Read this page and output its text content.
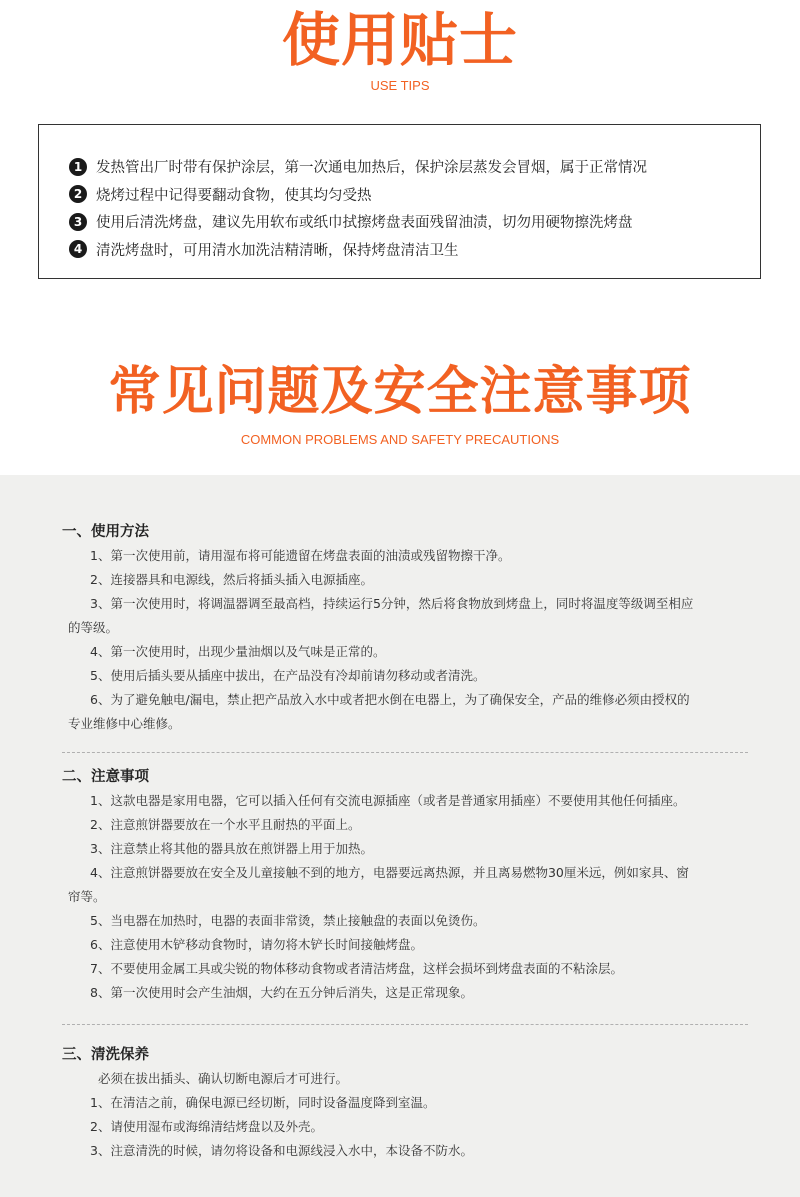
使用贴士
USE TIPS
1 发热管出厂时带有保护涂层，第一次通电加热后，保护涂层蒸发会冒烟，属于正常情况
2 烧烤过程中记得要翻动食物，使其均匀受热
3 使用后清洗烤盘，建议先用软布或纸巾拭擦烤盘表面残留油渍，切勿用硬物擦洗烤盘
4 清洗烤盘时，可用清水加洗洁精清晰，保持烤盘清洁卫生
常见问题及安全注意事项
COMMON PROBLEMS AND SAFETY PRECAUTIONS
一、使用方法
1、第一次使用前，请用湿布将可能遗留在烤盘表面的油渍或残留物擦干净。
2、连接器具和电源线，然后将插头插入电源插座。
3、第一次使用时，将调温器调至最高档，持续运行5分钟，然后将食物放到烤盘上，同时将温度等级调至相应
的等级。
4、第一次使用时，出现少量油烟以及气味是正常的。
5、使用后插头要从插座中拔出，在产品没有冷却前请勿移动或者清洗。
6、为了避免触电/漏电，禁止把产品放入水中或者把水倒在电器上，为了确保安全，产品的维修必须由授权的
专业维修中心维修。
二、注意事项
1、这款电器是家用电器，它可以插入任何有交流电源插座（或者是普通家用插座）不要使用其他任何插座。
2、注意煎饼器要放在一个水平且耐热的平面上。
3、注意禁止将其他的器具放在煎饼器上用于加热。
4、注意煎饼器要放在安全及儿童接触不到的地方，电器要远离热源，并且离易燃物30厘米远，例如家具、窗
帘等。
5、当电器在加热时，电器的表面非常烫，禁止接触盘的表面以免烫伤。
6、注意使用木铲移动食物时，请勿将木铲长时间接触烤盘。
7、不要使用金属工具或尖锐的物体移动食物或者清洁烤盘，这样会损坏到烤盘表面的不粘涂层。
8、第一次使用时会产生油烟，大约在五分钟后消失，这是正常现象。
三、清洗保养
必须在拔出插头、确认切断电源后才可进行。
1、在清洁之前，确保电源已经切断，同时设备温度降到室温。
2、请使用湿布或海绵清结烤盘以及外壳。
3、注意清洗的时候，请勿将设备和电源线浸入水中，本设备不防水。
